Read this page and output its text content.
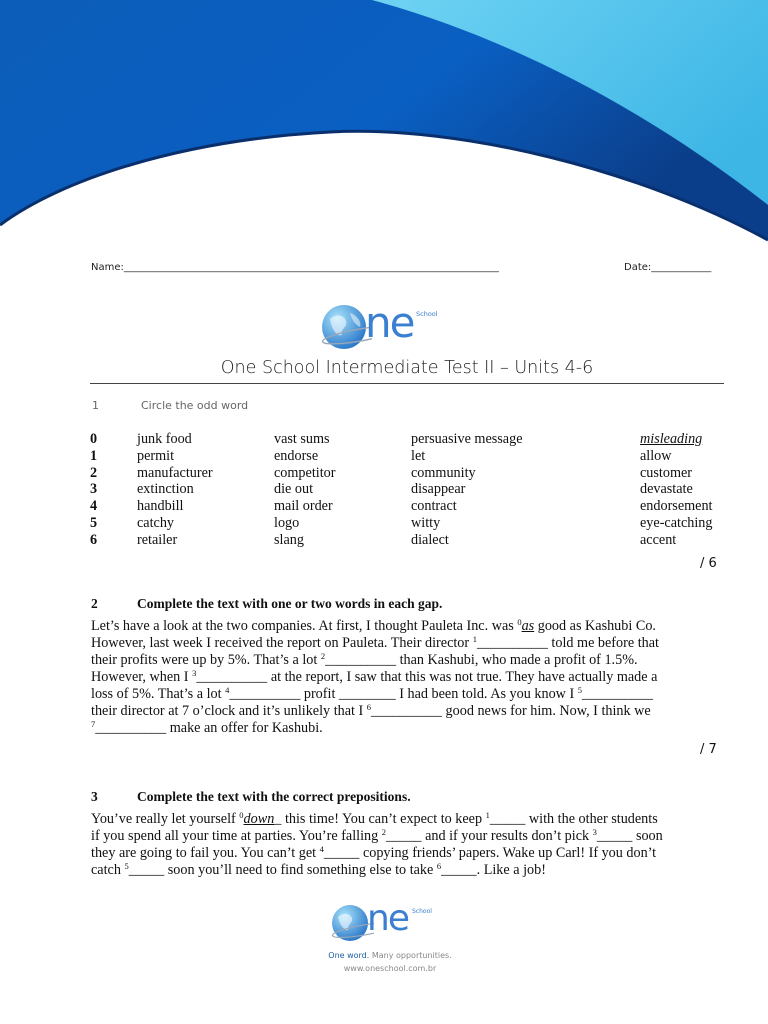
Name:___________________________________________________________________________	Date:____________
ne School
One School Intermediate Test II – Units 4-6
1	Circle the odd word
0	junk food	vast sums	persuasive message	misleading
1	permit	endorse	let	allow
2	manufacturer	competitor	community	customer
3	extinction	die out	disappear	devastate
4	handbill	mail order	contract	endorsement
5	catchy	logo	witty	eye-catching
6	retailer	slang	dialect	accent
/ 6
2	Complete the text with one or two words in each gap.

Let’s have a look at the two companies. At first, I thought Pauleta Inc. was $^0$as good as Kashubi Co.

However, last week I received the report on Pauleta. Their director $^1$__________ told me before that

their profits were up by 5%. That’s a lot $^2$__________ than Kashubi, who made a profit of 1.5%.

However, when I $^3$__________ at the report, I saw that this was not true. They have actually made a

loss of 5%. That’s a lot $^4$__________ profit ________ I had been told. As you know I $^5$__________

their director at 7 o’clock and it’s unlikely that I $^6$__________ good news for him. Now, I think we

$^7$__________ make an offer for Kashubi.

/ 7
3	Complete the text with the correct prepositions.

You’ve really let yourself $^0$down_ this time! You can’t expect to keep $^1$_____ with the other students

if you spend all your time at parties. You’re falling $^2$_____ and if your results don’t pick $^3$_____ soon

they are going to fail you. You can’t get $^4$_____ copying friends’ papers. Wake up Carl! If you don’t

catch $^5$_____ soon you’ll need to find something else to take $^6$_____. Like a job!

ne School
One word. Many opportunities.
www.oneschool.com.br
